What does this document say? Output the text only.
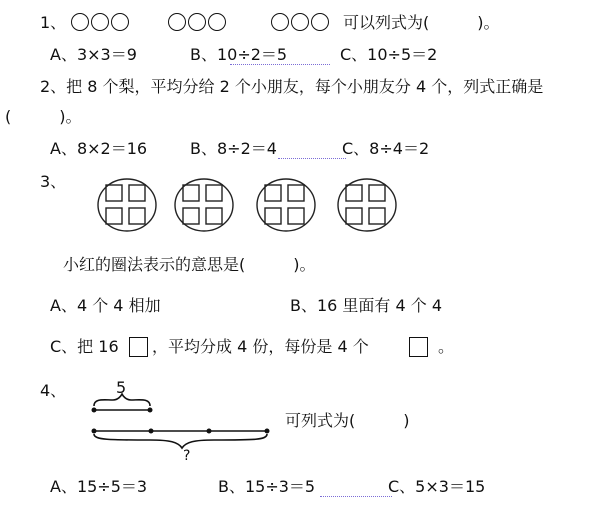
1、	可以列式为(　　　)。
A、3×3＝9	B、10÷2＝5	C、10÷5＝2
2、把 8 个梨，平均分给 2 个小朋友，每个小朋友分 4 个，列式正确是
(　　　)。
A、8×2＝16	B、8÷2＝4	C、8÷4＝2
3、
小红的圈法表示的意思是(　　　)。
A、4 个 4 相加	B、16 里面有 4 个 4
C、把 16 ，平均分成 4 份，每份是 4 个	。
4、	5
?
可列式为(　　　)
A、15÷5＝3	B、15÷3＝5	C、5×3＝15
